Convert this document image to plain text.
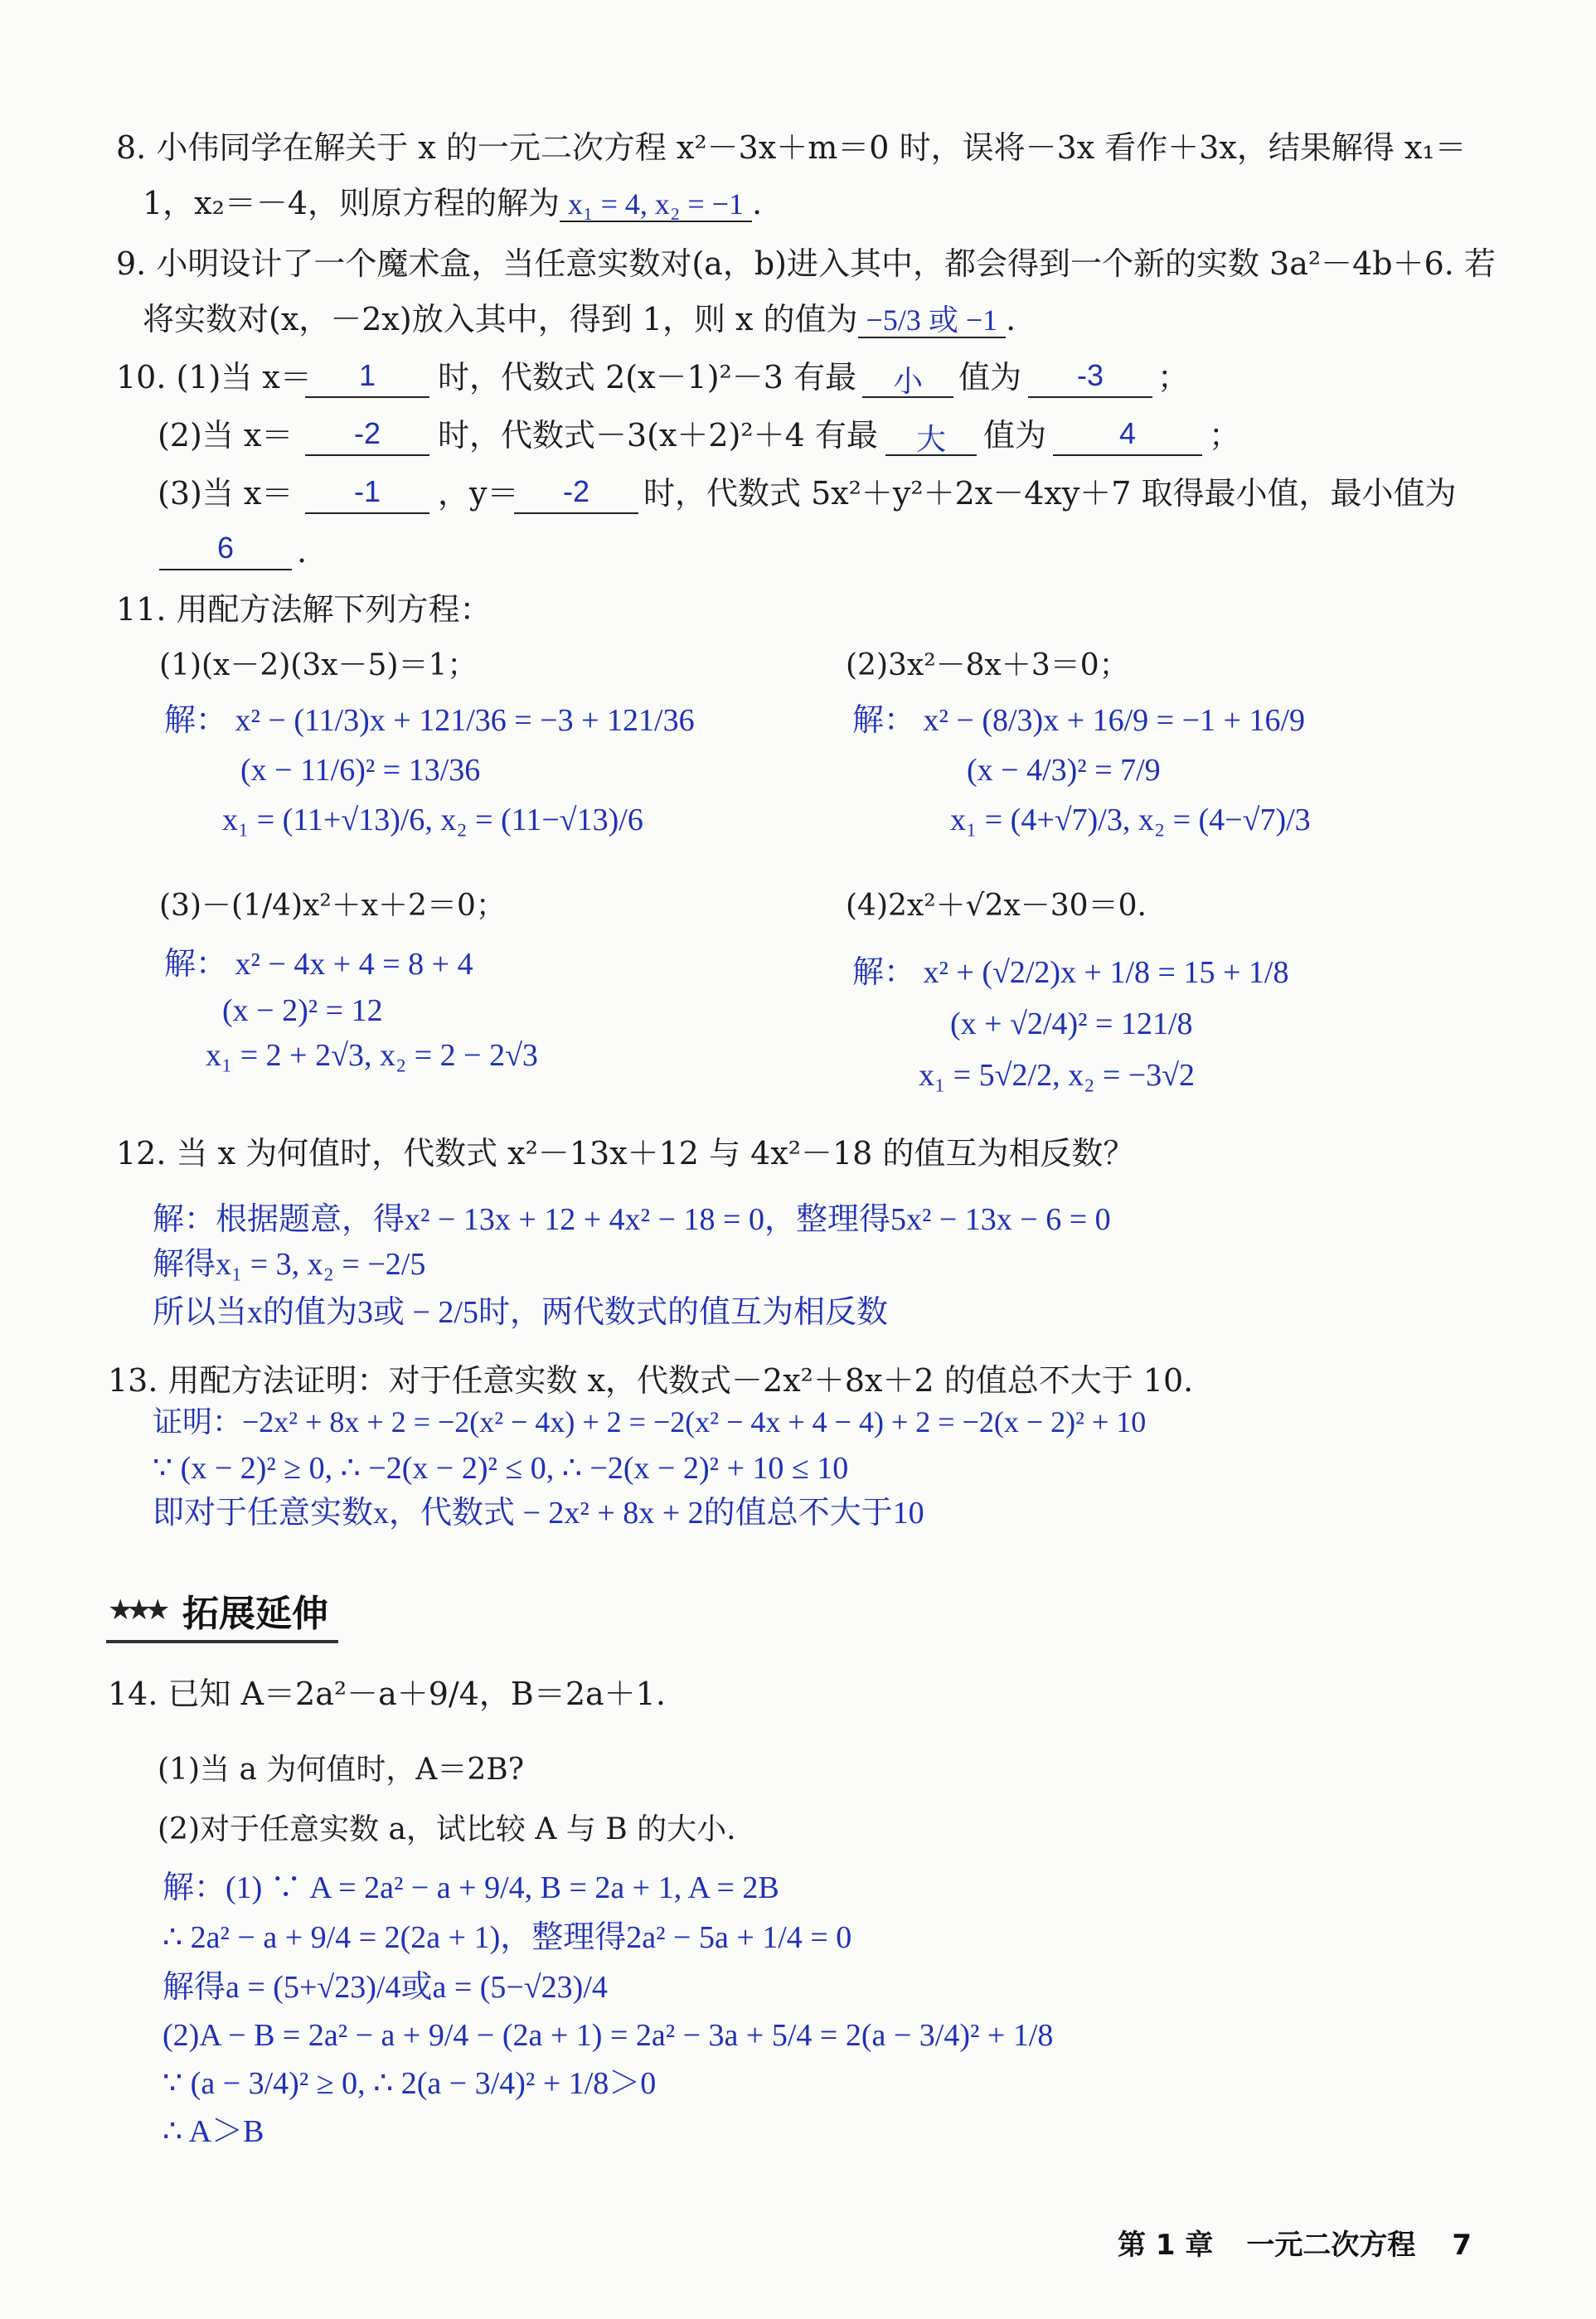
8. 小伟同学在解关于 x 的一元二次方程 x²－3x＋m＝0 时，误将－3x 看作＋3x，结果解得 x₁＝
1，x₂＝－4，则原方程的解为 x₁ = 4, x₂ = −1 .
9. 小明设计了一个魔术盒，当任意实数对(a，b)进入其中，都会得到一个新的实数 3a²－4b＋6. 若
将实数对(x，－2x)放入其中，得到 1，则 x 的值为 −5/3 或 −1 .
10. (1)当 x＝	1	时，代数式 2(x－1)²－3 有最	小	值为	-3	；
(2)当 x＝	-2	时，代数式－3(x＋2)²＋4 有最	大	值为	4	；
(3)当 x＝	-1	，y＝	-2	时，代数式 5x²＋y²＋2x－4xy＋7 取得最小值，最小值为
6	.
11. 用配方法解下列方程：
(1)(x－2)(3x－5)＝1；
解： x² − (11/3)x + 121/36 = −3 + 121/36
(x − 11/6)² = 13/36
x₁ = (11+√13)/6, x₂ = (11−√13)/6
(2)3x²－8x＋3＝0；
解： x² − (8/3)x + 16/9 = −1 + 16/9
(x − 4/3)² = 7/9
x₁ = (4+√7)/3, x₂ = (4−√7)/3
(3)－(1/4)x²＋x＋2＝0；
解： x² − 4x + 4 = 8 + 4
(x − 2)² = 12
x₁ = 2 + 2√3, x₂ = 2 − 2√3
(4)2x²＋√2x－30＝0.
解： x² + (√2/2)x + 1/8 = 15 + 1/8
(x + √2/4)² = 121/8
x₁ = 5√2/2, x₂ = −3√2
12. 当 x 为何值时，代数式 x²－13x＋12 与 4x²－18 的值互为相反数？
解：根据题意，得x² − 13x + 12 + 4x² − 18 = 0，整理得5x² − 13x − 6 = 0
解得x₁ = 3, x₂ = −2/5
所以当x的值为3或 − 2/5时，两代数式的值互为相反数
13. 用配方法证明：对于任意实数 x，代数式－2x²＋8x＋2 的值总不大于 10.
证明：−2x² + 8x + 2 = −2(x² − 4x) + 2 = −2(x² − 4x + 4 − 4) + 2 = −2(x − 2)² + 10
∵ (x − 2)² ≥ 0, ∴ −2(x − 2)² ≤ 0, ∴ −2(x − 2)² + 10 ≤ 10
即对于任意实数x，代数式 − 2x² + 8x + 2的值总不大于10
★★★ 拓展延伸
14. 已知 A＝2a²－a＋9/4，B＝2a＋1.
(1)当 a 为何值时，A＝2B?
(2)对于任意实数 a，试比较 A 与 B 的大小.
解：(1) ∵ A = 2a² − a + 9/4, B = 2a + 1, A = 2B
∴ 2a² − a + 9/4 = 2(2a + 1)，整理得2a² − 5a + 1/4 = 0
解得a = (5+√23)/4或a = (5−√23)/4
(2)A − B = 2a² − a + 9/4 − (2a + 1) = 2a² − 3a + 5/4 = 2(a − 3/4)² + 1/8
∵ (a − 3/4)² ≥ 0, ∴ 2(a − 3/4)² + 1/8＞0
∴ A＞B
第 1 章 一元二次方程 7
